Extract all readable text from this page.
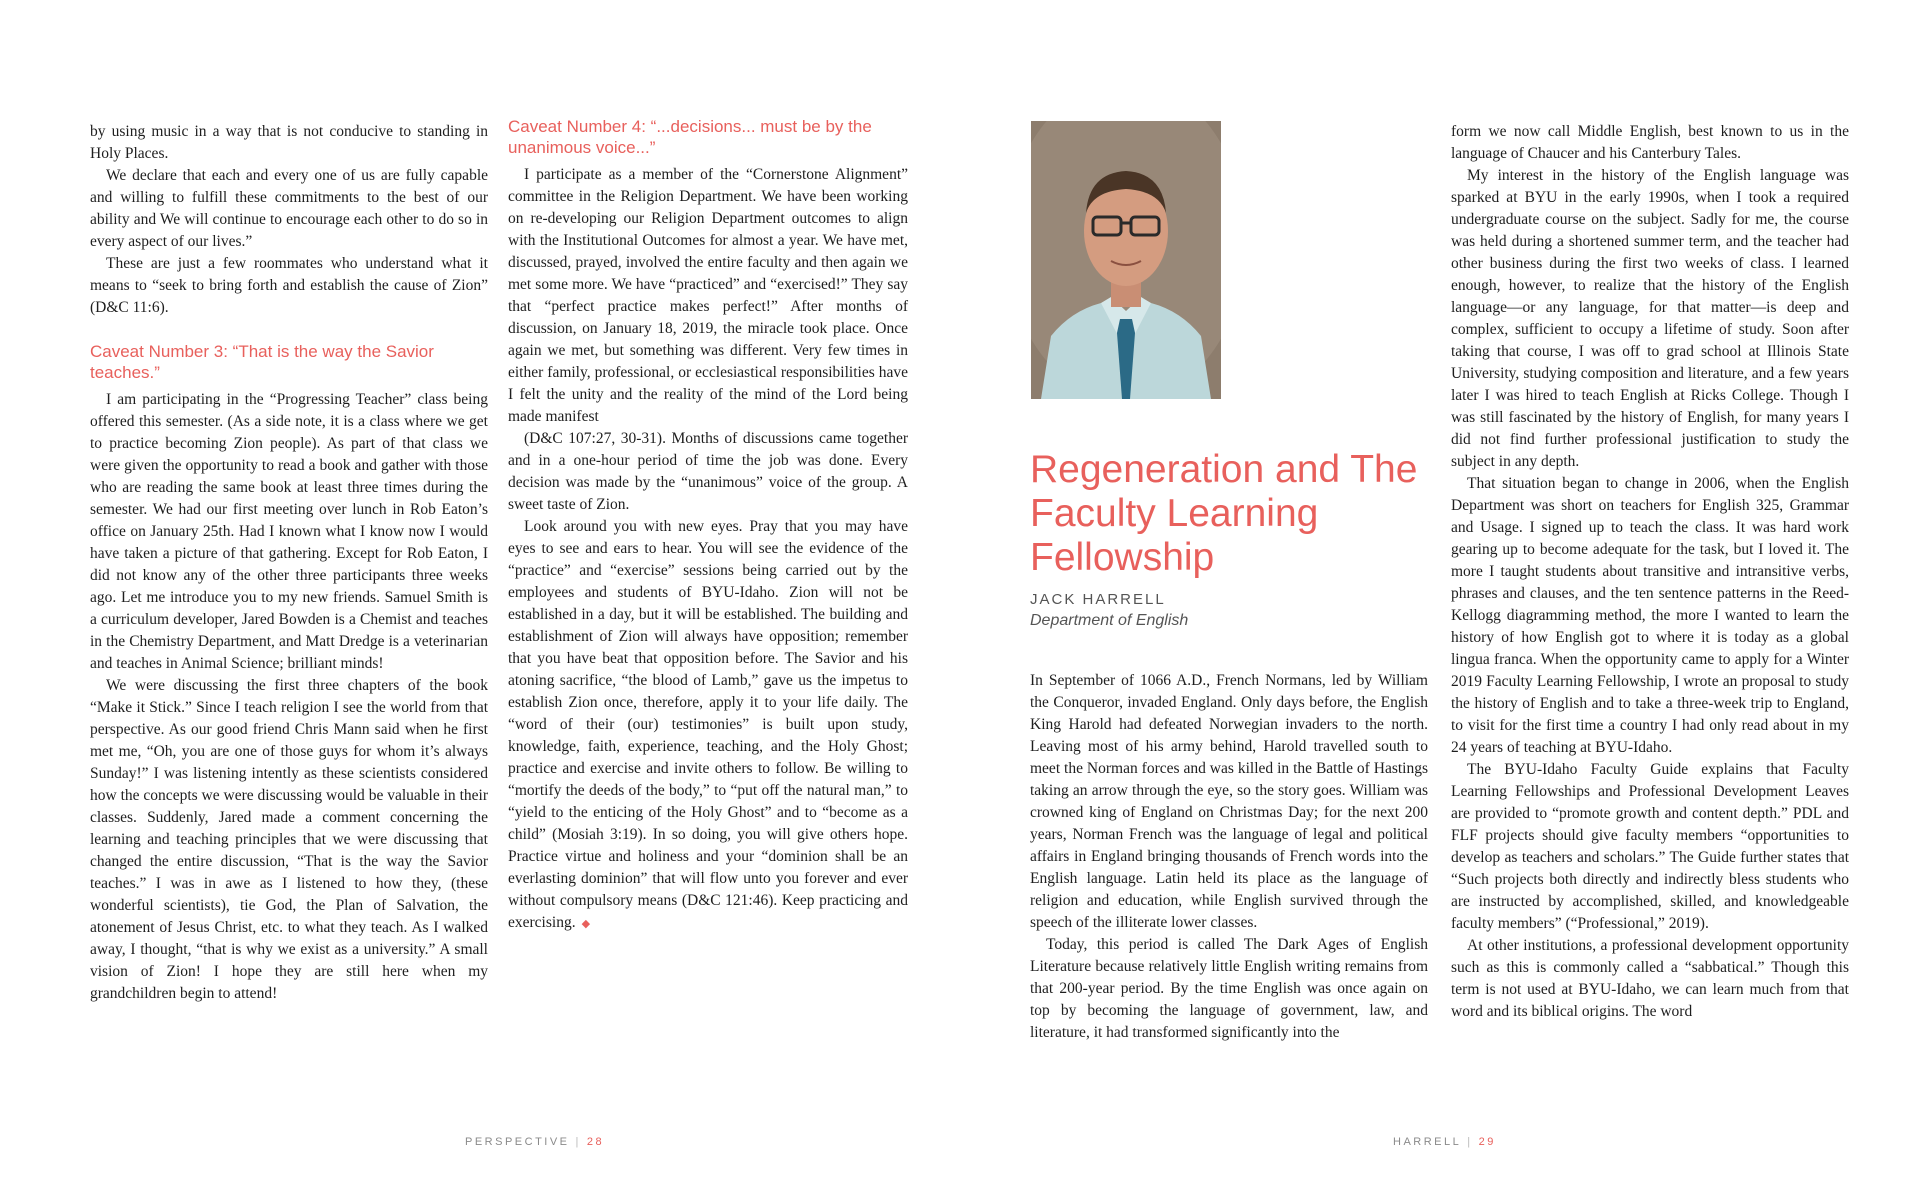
by using music in a way that is not conducive to standing in Holy Places.

We declare that each and every one of us are fully capable and willing to fulfill these commitments to the best of our ability and We will continue to encourage each other to do so in every aspect of our lives.”

These are just a few roommates who understand what it means to “seek to bring forth and establish the cause of Zion” (D&C 11:6).

Caveat Number 3: “That is the way the Savior teaches.”

I am participating in the “Progressing Teacher” class being offered this semester. (As a side note, it is a class where we get to practice becoming Zion people). As part of that class we were given the opportunity to read a book and gather with those who are reading the same book at least three times during the semester. We had our first meeting over lunch in Rob Eaton’s office on January 25th. Had I known what I know now I would have taken a picture of that gathering. Except for Rob Eaton, I did not know any of the other three participants three weeks ago. Let me introduce you to my new friends. Samuel Smith is a curriculum developer, Jared Bowden is a Chemist and teaches in the Chemistry Department, and Matt Dredge is a veterinarian and teaches in Animal Science; brilliant minds!

We were discussing the first three chapters of the book “Make it Stick.” Since I teach religion I see the world from that perspective. As our good friend Chris Mann said when he first met me, “Oh, you are one of those guys for whom it’s always Sunday!” I was listening intently as these scientists considered how the concepts we were discussing would be valuable in their classes. Suddenly, Jared made a comment concerning the learning and teaching principles that we were discussing that changed the entire discussion, “That is the way the Savior teaches.” I was in awe as I listened to how they, (these wonderful scientists), tie God, the Plan of Salvation, the atonement of Jesus Christ, etc. to what they teach. As I walked away, I thought, “that is why we exist as a university.” A small vision of Zion! I hope they are still here when my grandchildren begin to attend!

Caveat Number 4: “...decisions... must be by the unanimous voice...”

I participate as a member of the “Cornerstone Alignment” committee in the Religion Department. We have been working on re-developing our Religion Department outcomes to align with the Institutional Outcomes for almost a year. We have met, discussed, prayed, involved the entire faculty and then again we met some more. We have “practiced” and “exercised!” They say that “perfect practice makes perfect!” After months of discussion, on January 18, 2019, the miracle took place. Once again we met, but something was different. Very few times in either family, professional, or ecclesiastical responsibilities have I felt the unity and the reality of the mind of the Lord being made manifest

(D&C 107:27, 30-31). Months of discussions came together and in a one-hour period of time the job was done. Every decision was made by the “unanimous” voice of the group. A sweet taste of Zion.

Look around you with new eyes. Pray that you may have eyes to see and ears to hear. You will see the evidence of the “practice” and “exercise” sessions being carried out by the employees and students of BYU-Idaho. Zion will not be established in a day, but it will be established. The building and establishment of Zion will always have opposition; remember that you have beat that opposition before. The Savior and his atoning sacrifice, “the blood of Lamb,” gave us the impetus to establish Zion once, therefore, apply it to your life daily. The “word of their (our) testimonies” is built upon study, knowledge, faith, experience, teaching, and the Holy Ghost; practice and exercise and invite others to follow. Be willing to “mortify the deeds of the body,” to “put off the natural man,” to “yield to the enticing of the Holy Ghost” and to “become as a child” (Mosiah 3:19). In so doing, you will give others hope. Practice virtue and holiness and your “dominion shall be an everlasting dominion” that will flow unto you forever and ever without compulsory means (D&C 121:46). Keep practicing and exercising. ◆

PERSPECTIVE | 28
Regeneration and The Faculty Learning Fellowship

JACK HARRELL

Department of English

In September of 1066 A.D., French Normans, led by William the Conqueror, invaded England. Only days before, the English King Harold had defeated Norwegian invaders to the north. Leaving most of his army behind, Harold travelled south to meet the Norman forces and was killed in the Battle of Hastings taking an arrow through the eye, so the story goes. William was crowned king of England on Christmas Day; for the next 200 years, Norman French was the language of legal and political affairs in England bringing thousands of French words into the English language. Latin held its place as the language of religion and education, while English survived through the speech of the illiterate lower classes.

Today, this period is called The Dark Ages of English Literature because relatively little English writing remains from that 200-year period. By the time English was once again on top by becoming the language of government, law, and literature, it had transformed significantly into the

form we now call Middle English, best known to us in the language of Chaucer and his Canterbury Tales.

My interest in the history of the English language was sparked at BYU in the early 1990s, when I took a required undergraduate course on the subject. Sadly for me, the course was held during a shortened summer term, and the teacher had other business during the first two weeks of class. I learned enough, however, to realize that the history of the English language—or any language, for that matter—is deep and complex, sufficient to occupy a lifetime of study. Soon after taking that course, I was off to grad school at Illinois State University, studying composition and literature, and a few years later I was hired to teach English at Ricks College. Though I was still fascinated by the history of English, for many years I did not find further professional justification to study the subject in any depth.

That situation began to change in 2006, when the English Department was short on teachers for English 325, Grammar and Usage. I signed up to teach the class. It was hard work gearing up to become adequate for the task, but I loved it. The more I taught students about transitive and intransitive verbs, phrases and clauses, and the ten sentence patterns in the Reed-Kellogg diagramming method, the more I wanted to learn the history of how English got to where it is today as a global lingua franca. When the opportunity came to apply for a Winter 2019 Faculty Learning Fellowship, I wrote an proposal to study the history of English and to take a three-week trip to England, to visit for the first time a country I had only read about in my 24 years of teaching at BYU-Idaho.

The BYU-Idaho Faculty Guide explains that Faculty Learning Fellowships and Professional Development Leaves are provided to “promote growth and content depth.” PDL and FLF projects should give faculty members “opportunities to develop as teachers and scholars.” The Guide further states that “Such projects both directly and indirectly bless students who are instructed by accomplished, skilled, and knowledgeable faculty members” (“Professional,” 2019).

At other institutions, a professional development opportunity such as this is commonly called a “sabbatical.” Though this term is not used at BYU-Idaho, we can learn much from that word and its biblical origins. The word

HARRELL | 29
